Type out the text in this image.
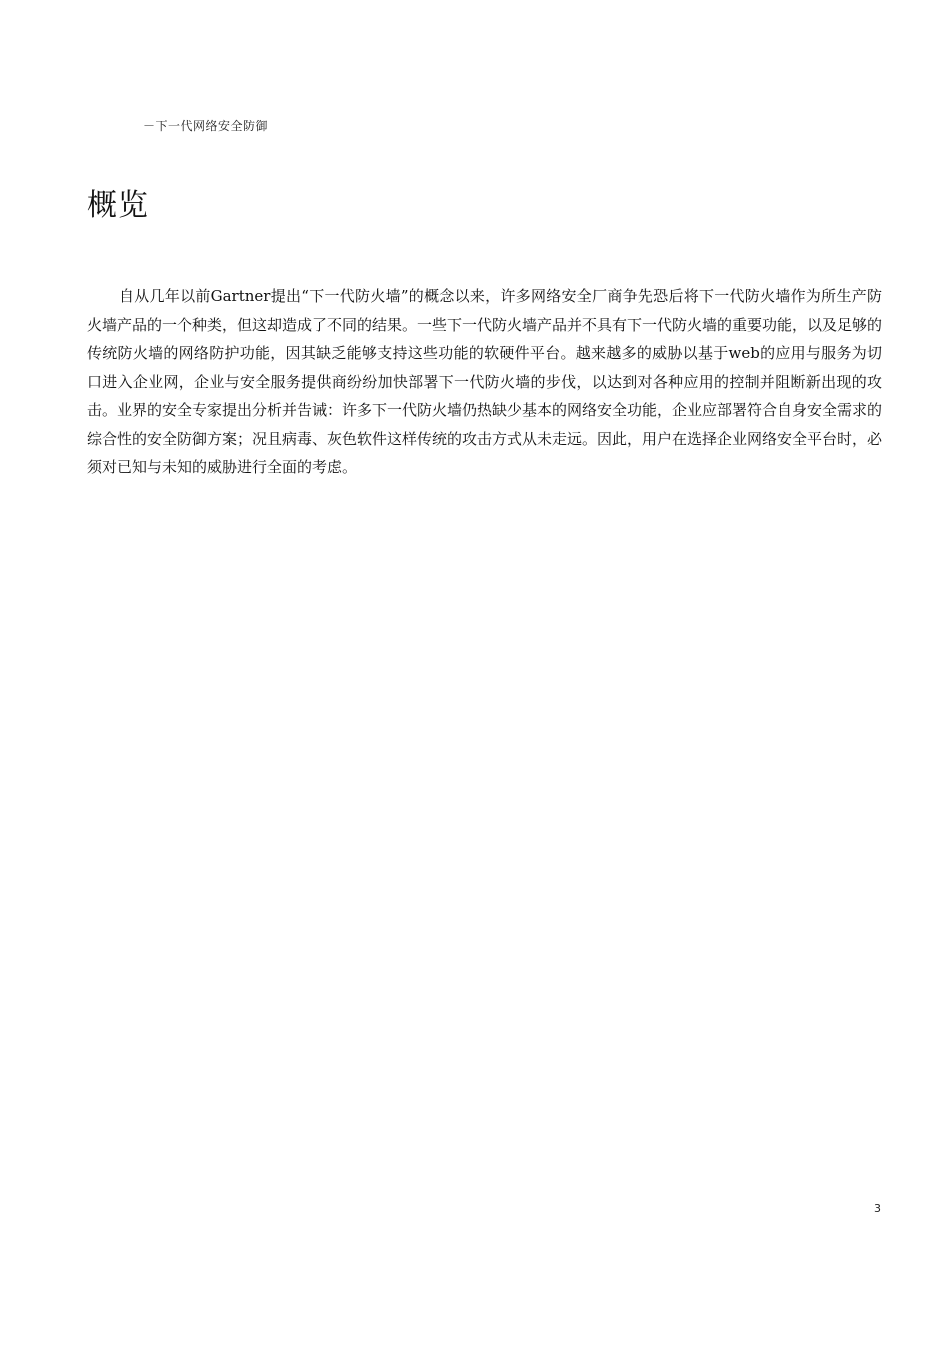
－下一代网络安全防御
概览

自从几年以前Gartner提出“下一代防火墙”的概念以来，许多网络安全厂商争先恐后将下一代防火墙作为所生产防火墙产品的一个种类，但这却造成了不同的结果。一些下一代防火墙产品并不具有下一代防火墙的重要功能，以及足够的传统防火墙的网络防护功能，因其缺乏能够支持这些功能的软硬件平台。越来越多的威胁以基于web的应用与服务为切口进入企业网，企业与安全服务提供商纷纷加快部署下一代防火墙的步伐，以达到对各种应用的控制并阻断新出现的攻击。业界的安全专家提出分析并告诫：许多下一代防火墙仍热缺少基本的网络安全功能，企业应部署符合自身安全需求的综合性的安全防御方案；况且病毒、灰色软件这样传统的攻击方式从未走远。因此，用户在选择企业网络安全平台时，必须对已知与未知的威胁进行全面的考虑。

3
